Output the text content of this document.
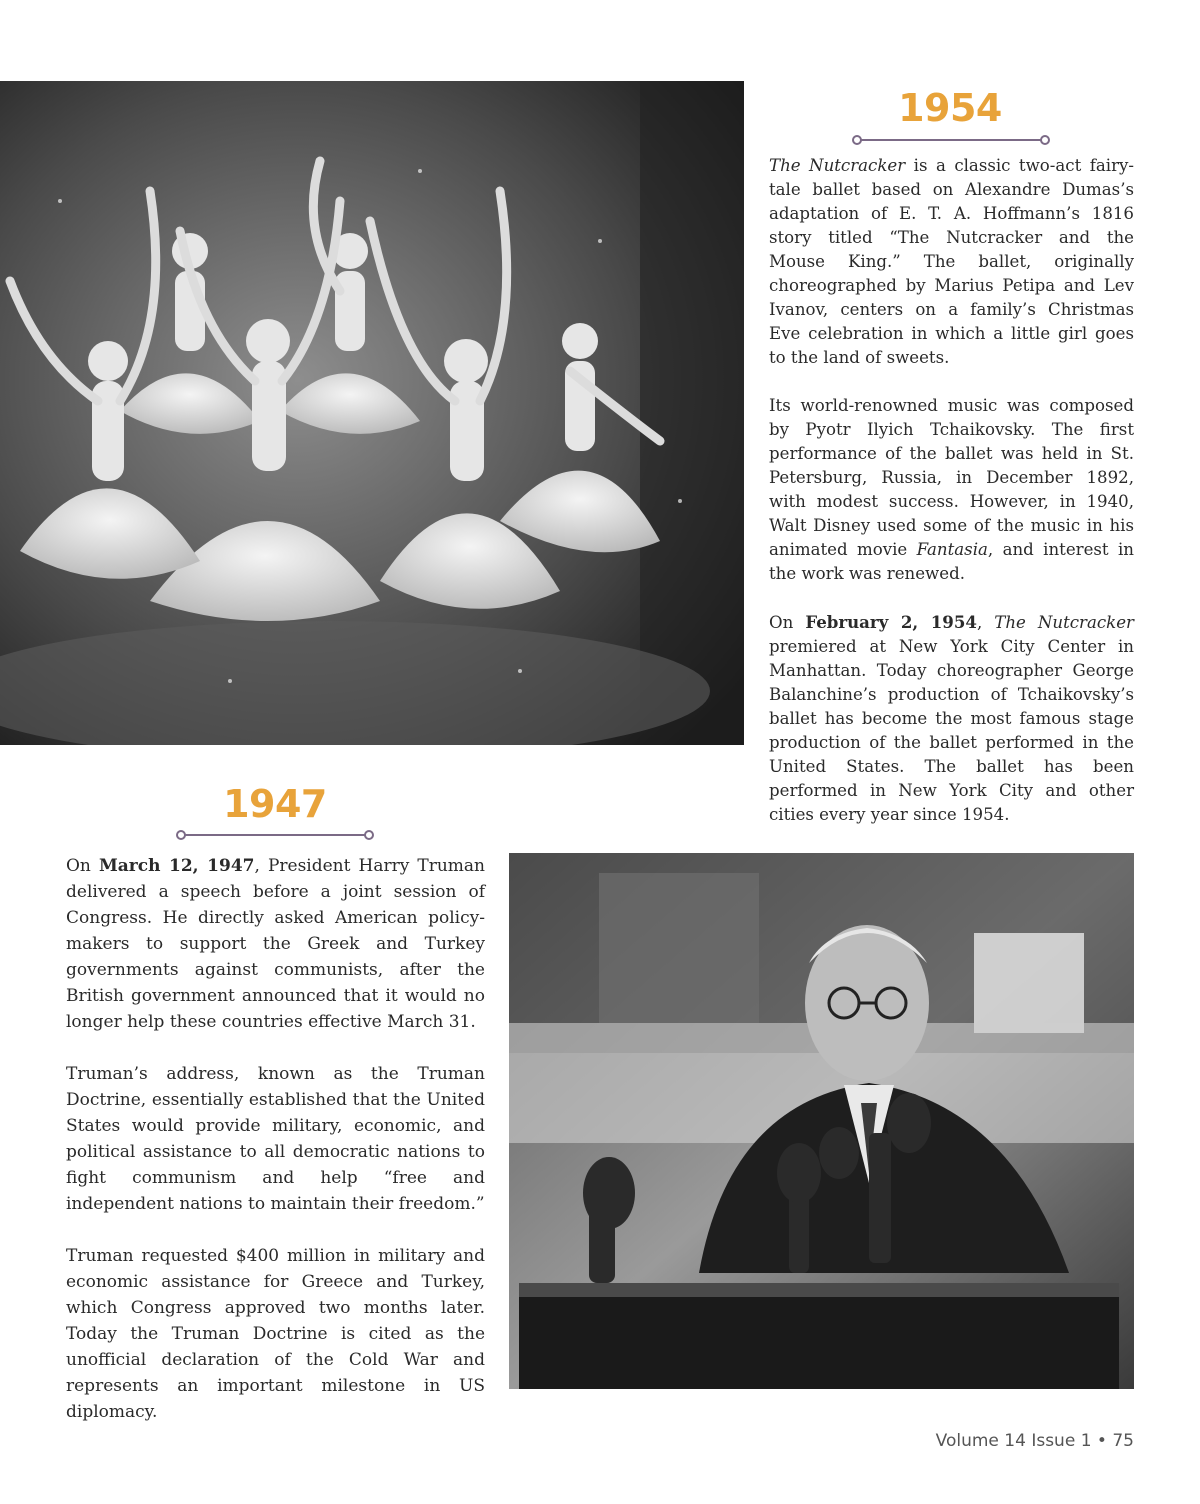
1954

The Nutcracker is a classic two-act fairy-tale ballet based on Alexandre Dumas’s adaptation of E. T. A. Hoffmann’s 1816 story titled “The Nutcracker and the Mouse King.” The ballet, originally choreographed by Marius Petipa and Lev Ivanov, centers on a family’s Christmas Eve celebration in which a little girl goes to the land of sweets.

Its world-renowned music was composed by Pyotr Ilyich Tchaikovsky. The first performance of the ballet was held in St. Petersburg, Russia, in December 1892, with modest success. However, in 1940, Walt Disney used some of the music in his animated movie Fantasia, and interest in the work was renewed.

On February 2, 1954, The Nutcracker premiered at New York City Center in Manhattan. Today choreographer George Balanchine’s production of Tchaikovsky’s ballet has become the most famous stage production of the ballet performed in the United States. The ballet has been performed in New York City and other cities every year since 1954.

1947

On March 12, 1947, President Harry Truman delivered a speech before a joint session of Congress. He directly asked American policy-makers to support the Greek and Turkey governments against communists, after the British government announced that it would no longer help these countries effective March 31.

Truman’s address, known as the Truman Doctrine, essentially established that the United States would provide military, economic, and political assistance to all democratic nations to fight communism and help “free and independent nations to maintain their freedom.”

Truman requested $400 million in military and economic assistance for Greece and Turkey, which Congress approved two months later. Today the Truman Doctrine is cited as the unofficial declaration of the Cold War and represents an important milestone in US diplomacy.

Volume 14 Issue 1 • 75
